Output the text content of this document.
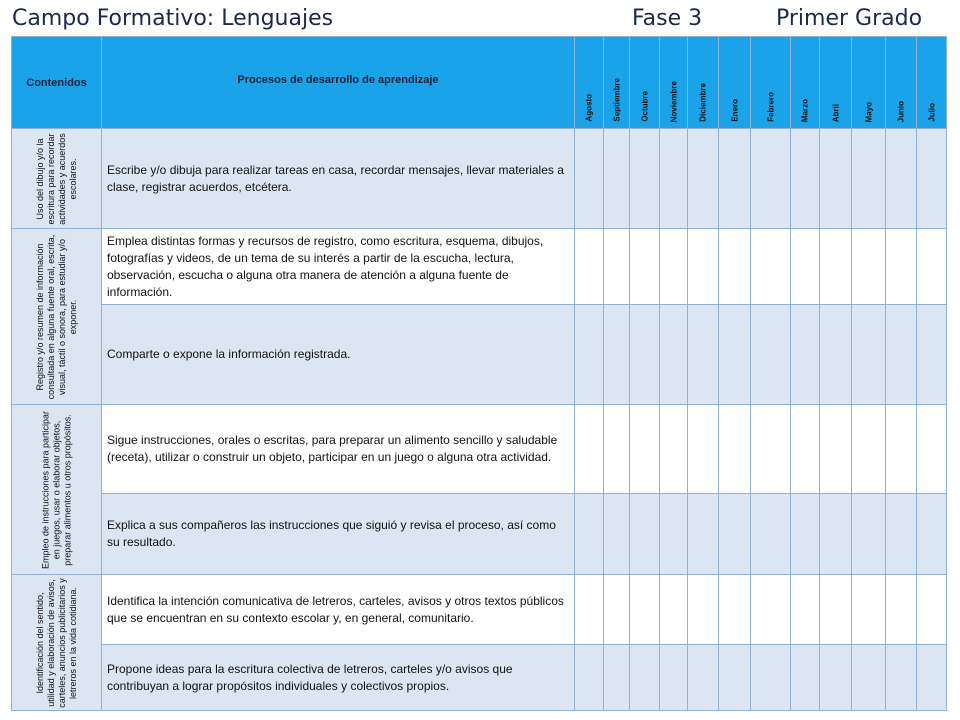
Campo Formativo: Lenguajes	Fase 3	Primer Grado
Contenidos	Procesos de desarrollo de aprendizaje	Agosto	Septiembre	Octubre	Noviembre	Diciembre	Enero	Febrero	Marzo	Abril	Mayo	Junio	Julio

Uso del dibujo y/o la escritura para recordar actividades y acuerdos escolares.	Escribe y/o dibuja para realizar tareas en casa, recordar mensajes, llevar materiales a clase, registrar acuerdos, etcétera.												

Registro y/o resumen de información consultada en alguna fuente oral, escrita, visual, táctil o sonora, para estudiar y/o exponer.	Emplea distintas formas y recursos de registro, como escritura, esquema, dibujos, fotografías y videos, de un tema de su interés a partir de la escucha, lectura, observación, escucha o alguna otra manera de atención a alguna fuente de información.												
	Comparte o expone la información registrada.												

Empleo de instrucciones para participar en juegos, usar o elaborar objetos, preparar alimentos u otros propósitos.	Sigue instrucciones, orales o escritas, para preparar un alimento sencillo y saludable (receta), utilizar o construir un objeto, participar en un juego o alguna otra actividad.												
	Explica a sus compañeros las instrucciones que siguió y revisa el proceso, así como su resultado.												

Identificación del sentido, utilidad y elaboración de avisos, carteles, anuncios publicitarios y letreros en la vida cotidiana.	Identifica la intención comunicativa de letreros, carteles, avisos y otros textos públicos que se encuentran en su contexto escolar y, en general, comunitario.												
	Propone ideas para la escritura colectiva de letreros, carteles y/o avisos que contribuyan a lograr propósitos individuales y colectivos propios.												
